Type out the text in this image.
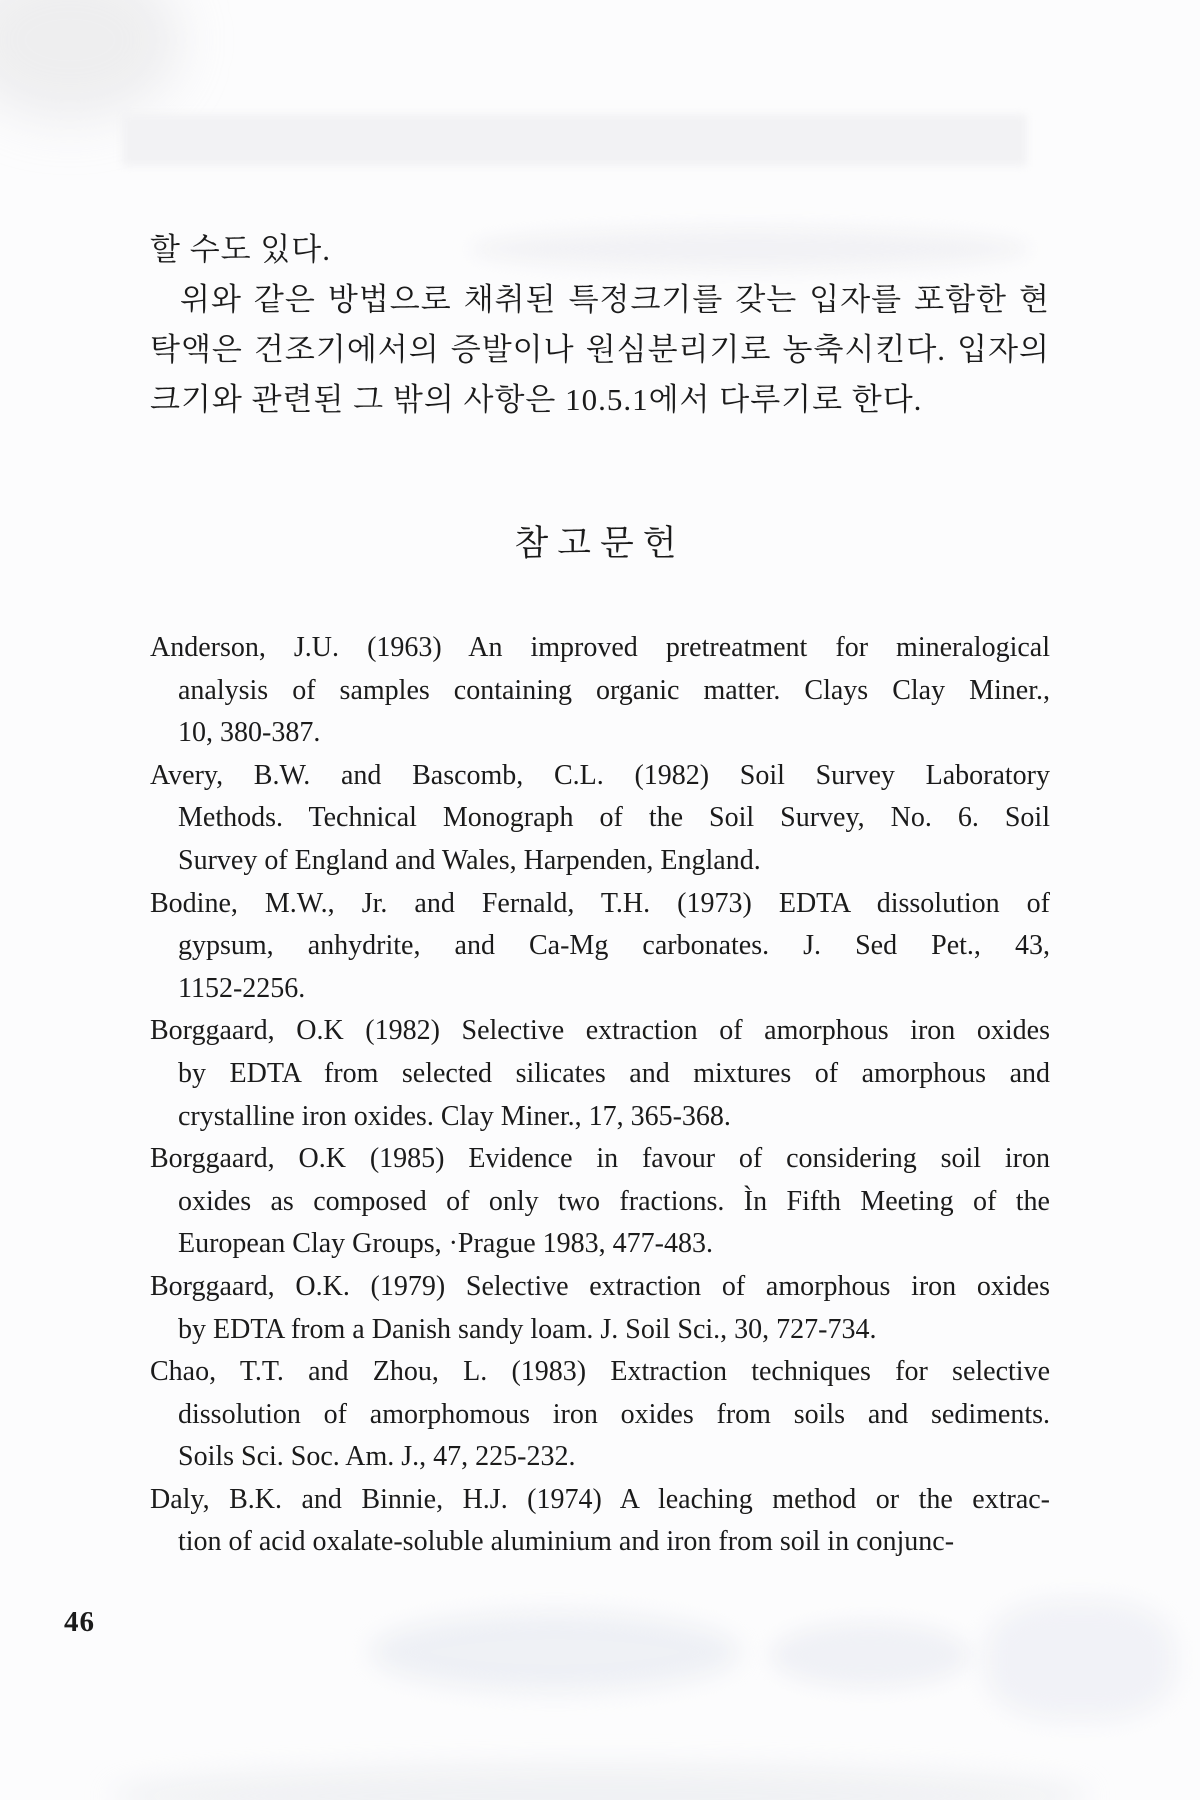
할 수도 있다.
위와 같은 방법으로 채취된 특정크기를 갖는 입자를 포함한 현
탁액은 건조기에서의 증발이나 원심분리기로 농축시킨다. 입자의
크기와 관련된 그 밖의 사항은 10.5.1에서 다루기로 한다.
참고문헌
Anderson, J.U. (1963) An improved pretreatment for mineralogical
analysis of samples containing organic matter. Clays Clay Miner.,
10, 380-387.
Avery, B.W. and Bascomb, C.L. (1982) Soil Survey Laboratory
Methods. Technical Monograph of the Soil Survey, No. 6. Soil
Survey of England and Wales, Harpenden, England.
Bodine, M.W., Jr. and Fernald, T.H. (1973) EDTA dissolution of
gypsum, anhydrite, and Ca-Mg carbonates. J. Sed Pet., 43,
1152-2256.
Borggaard, O.K (1982) Selective extraction of amorphous iron oxides
by EDTA from selected silicates and mixtures of amorphous and
crystalline iron oxides. Clay Miner., 17, 365-368.
Borggaard, O.K (1985) Evidence in favour of considering soil iron
oxides as composed of only two fractions. Ìn Fifth Meeting of the
European Clay Groups, ·Prague 1983, 477-483.
Borggaard, O.K. (1979) Selective extraction of amorphous iron oxides
by EDTA from a Danish sandy loam. J. Soil Sci., 30, 727-734.
Chao, T.T. and Zhou, L. (1983) Extraction techniques for selective
dissolution of amorphomous iron oxides from soils and sediments.
Soils Sci. Soc. Am. J., 47, 225-232.
Daly, B.K. and Binnie, H.J. (1974) A leaching method or the extrac-
tion of acid oxalate-soluble aluminium and iron from soil in conjunc-
46
